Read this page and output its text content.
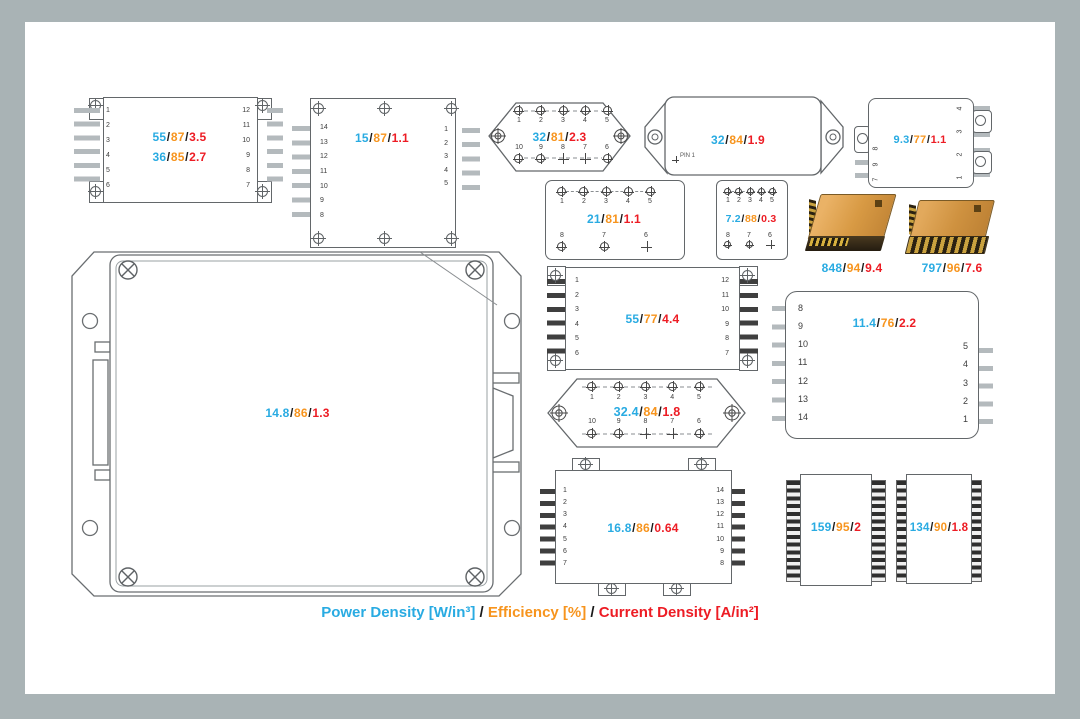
1
2
3
4
5
6
12
11
10
9
8
7
55/87/3.5
36/85/2.7
14
13
12
11
10
9
8
1
2
3
4
5
15/87/1.1
1	2	3	4	5
10	9	8	7	6
32/81/2.3	32/84/1.9
PIN 1
8
9
7
4
3
2
1
9.3/77/1.1
1	2	3	4	5
8	7	6
21/81/1.1
1 2 3 4 5
8 7 6
7.2/88/0.3
848/94/9.4	797/96/7.6
1
2
3
4
5
6
12
11
10
9
8
7
55/77/4.4
1	2	3	4	5
10	9	8	7	6
32.4/84/1.8
14.8/86/1.3
1
2
3
4
5
6
7
14
13
12
11
10
9
8
16.8/86/0.64	159/95/2	134/90/1.8
8
9
10
11
12
13
14
5
4
3
2
1
11.4/76/2.2
Power Density [W/in³] / Efficiency [%] / Current Density [A/in²]
